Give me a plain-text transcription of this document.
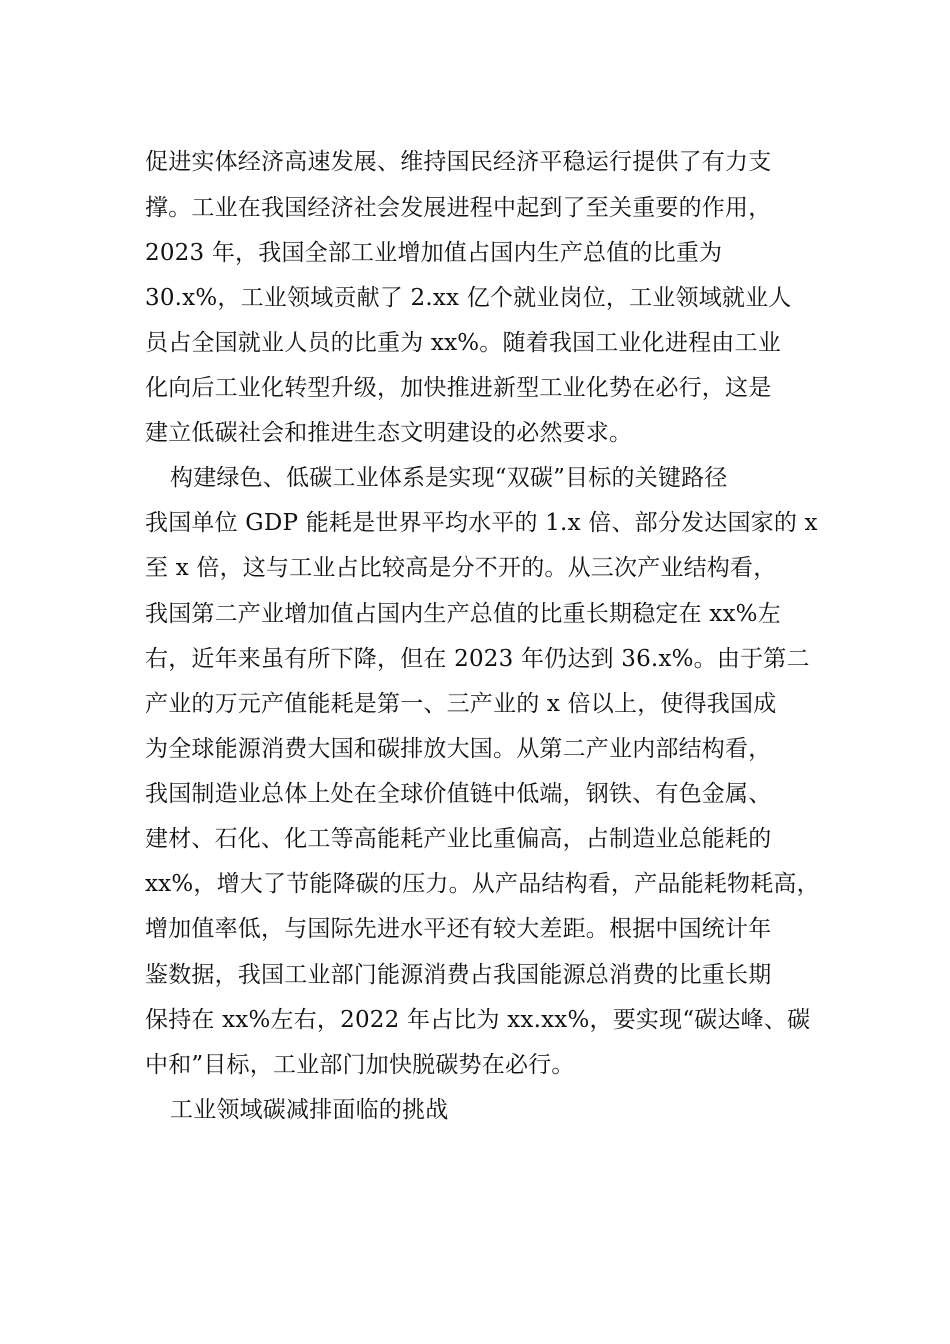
促进实体经济高速发展、维持国民经济平稳运行提供了有力支
撑。工业在我国经济社会发展进程中起到了至关重要的作用，
2023 年，我国全部工业增加值占国内生产总值的比重为
30.x%，工业领域贡献了 2.xx 亿个就业岗位，工业领域就业人
员占全国就业人员的比重为 xx%。随着我国工业化进程由工业
化向后工业化转型升级，加快推进新型工业化势在必行，这是
建立低碳社会和推进生态文明建设的必然要求。
构建绿色、低碳工业体系是实现“双碳”目标的关键路径
我国单位 GDP 能耗是世界平均水平的 1.x 倍、部分发达国家的 x
至 x 倍，这与工业占比较高是分不开的。从三次产业结构看，
我国第二产业增加值占国内生产总值的比重长期稳定在 xx%左
右，近年来虽有所下降，但在 2023 年仍达到 36.x%。由于第二
产业的万元产值能耗是第一、三产业的 x 倍以上，使得我国成
为全球能源消费大国和碳排放大国。从第二产业内部结构看，
我国制造业总体上处在全球价值链中低端，钢铁、有色金属、
建材、石化、化工等高能耗产业比重偏高，占制造业总能耗的
xx%，增大了节能降碳的压力。从产品结构看，产品能耗物耗高，
增加值率低，与国际先进水平还有较大差距。根据中国统计年
鉴数据，我国工业部门能源消费占我国能源总消费的比重长期
保持在 xx%左右，2022 年占比为 xx.xx%，要实现“碳达峰、碳
中和”目标，工业部门加快脱碳势在必行。
工业领域碳减排面临的挑战
